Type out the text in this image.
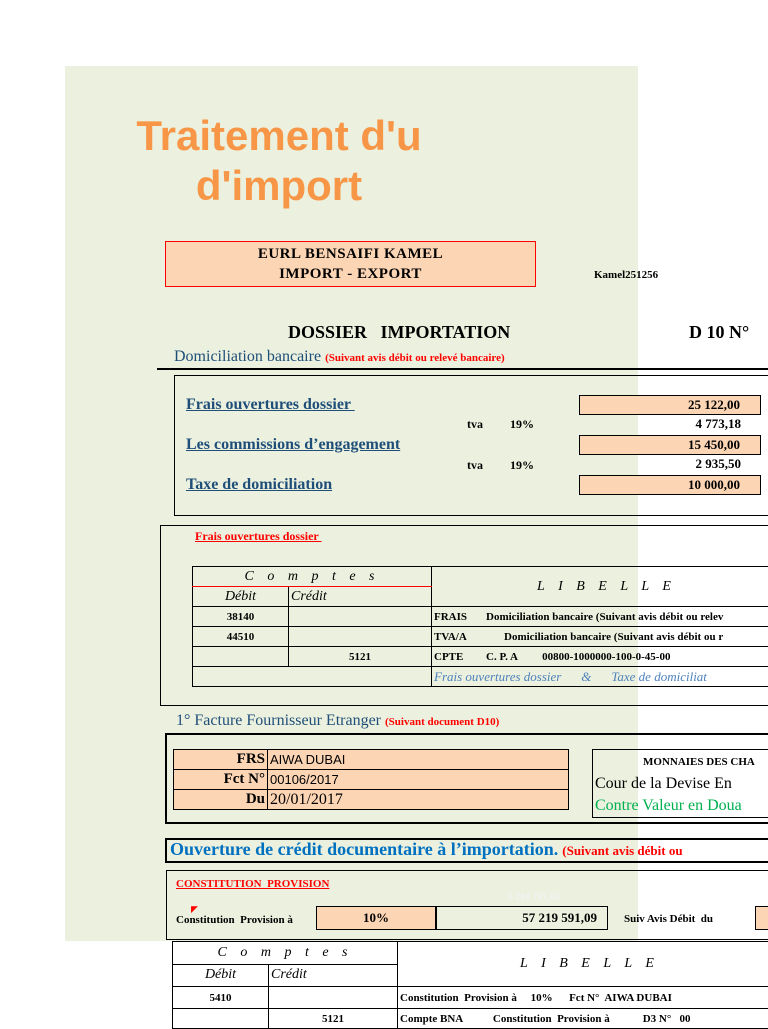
Traitement d'u
d'import
EURL BENSAIFI KAMEL
IMPORT - EXPORT	Kamel251256
DOSSIER   IMPORTATION	D 10 N°
Domiciliation bancaire (Suivant avis débit ou relevé bancaire)
Frais ouvertures dossier	25 122,00
tva 19%	4 773,18
Les commissions d’engagement	15 450,00
tva 19%	2 935,50
Taxe de domiciliation	10 000,00
Frais ouvertures dossier
C o m p t e s		L I B E L L E
Débit	Crédit	
38140		FRAIS Domiciliation bancaire (Suivant avis débit ou relev
44510		TVA/A Domiciliation bancaire (Suivant avis débit ou r
	5121	CPTE C. P. A         00800-1000000-100-0-45-00
		Frais ouvertures dossier & Taxe de domiciliat
1° Facture Fournisseur Etranger (Suivant document D10)
FRS	AIWA DUBAI
Fct N°	00106/2017
Du	20/01/2017
MONNAIES DES CHA
Cour de la Devise En
Contre Valeur en Doua
Ouverture de crédit documentaire à l’importation. (Suivant avis débit ou
CONSTITUTION  PROVISION
◤
5 201 781,01
Constitution  Provision à	10%	57 219 591,09	Suiv Avis Débit  du
C o m p t e s		L I B E L L E
Débit	Crédit	
5410		Constitution  Provision à     10%      Fct N°  AIWA DUBAI
	5121	Compte BNA           Constitution  Provision à            D3 N°   00
